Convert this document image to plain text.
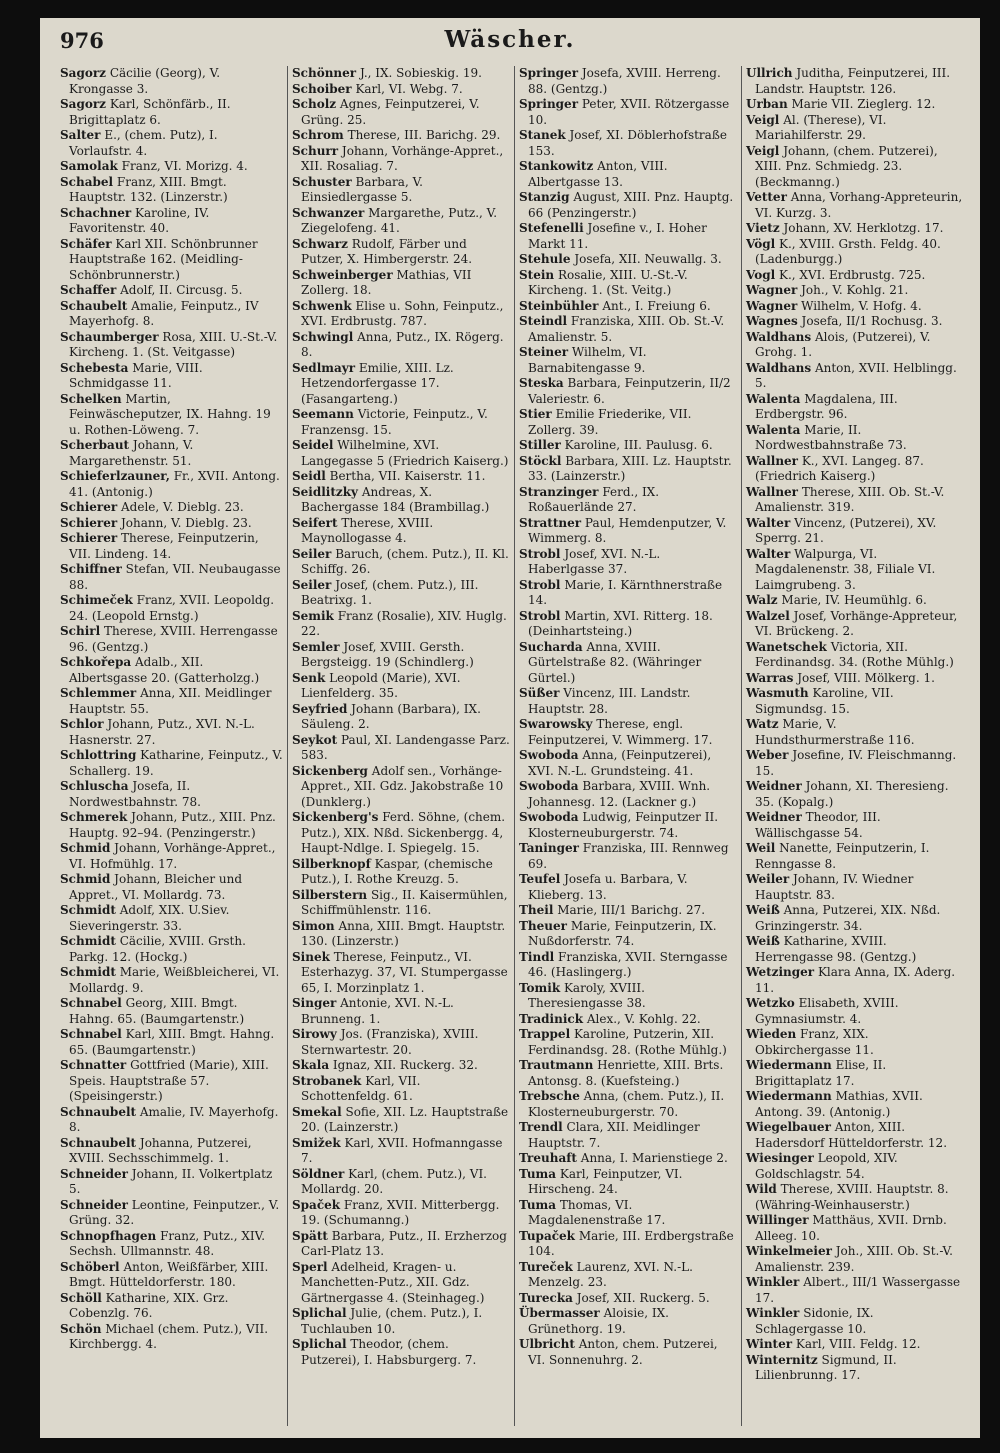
976	Wäscher.
Sagorz Cäcilie (Georg), V. Krongasse 3.
Sagorz Karl, Schönfärb., II. Brigittaplatz 6.
Salter E., (chem. Putz), I. Vorlaufstr. 4.
Samolak Franz, VI. Morizg. 4.
Schabel Franz, XIII. Bmgt. Hauptstr. 132. (Linzerstr.)
Schachner Karoline, IV. Favoritenstr. 40.
Schäfer Karl XII. Schönbrunner Hauptstraße 162. (Meidling-Schönbrunnerstr.)
Schaffer Adolf, II. Circusg. 5.
Schaubelt Amalie, Feinputz., IV Mayerhofg. 8.
Schaumberger Rosa, XIII. U.-St.-V. Kircheng. 1. (St. Veitgasse)
Schebesta Marie, VIII. Schmidgasse 11.
Schelken Martin, Feinwäscheputzer, IX. Hahng. 19 u. Rothen-Löweng. 7.
Scherbaut Johann, V. Margarethenstr. 51.
Schieferlzauner, Fr., XVII. Antong. 41. (Antonig.)
Schierer Adele, V. Dieblg. 23.
Schierer Johann, V. Dieblg. 23.
Schierer Therese, Feinputzerin, VII. Lindeng. 14.
Schiffner Stefan, VII. Neubaugasse 88.
Schimeček Franz, XVII. Leopoldg. 24. (Leopold Ernstg.)
Schirl Therese, XVIII. Herrengasse 96. (Gentzg.)
Schkořepa Adalb., XII. Albertsgasse 20. (Gatterholzg.)
Schlemmer Anna, XII. Meidlinger Hauptstr. 55.
Schlor Johann, Putz., XVI. N.-L. Hasnerstr. 27.
Schlottring Katharine, Feinputz., V. Schallerg. 19.
Schluscha Josefa, II. Nordwestbahnstr. 78.
Schmerek Johann, Putz., XIII. Pnz. Hauptg. 92–94. (Penzingerstr.)
Schmid Johann, Vorhänge-Appret., VI. Hofmühlg. 17.
Schmid Johann, Bleicher und Appret., VI. Mollardg. 73.
Schmidt Adolf, XIX. U.Siev. Sieveringerstr. 33.
Schmidt Cäcilie, XVIII. Grsth. Parkg. 12. (Hockg.)
Schmidt Marie, Weißbleicherei, VI. Mollardg. 9.
Schnabel Georg, XIII. Bmgt. Hahng. 65. (Baumgartenstr.)
Schnabel Karl, XIII. Bmgt. Hahng. 65. (Baumgartenstr.)
Schnatter Gottfried (Marie), XIII. Speis. Hauptstraße 57. (Speisingerstr.)
Schnaubelt Amalie, IV. Mayerhofg. 8.
Schnaubelt Johanna, Putzerei, XVIII. Sechsschimmelg. 1.
Schneider Johann, II. Volkertplatz 5.
Schneider Leontine, Feinputzer., V. Grüng. 32.
Schnopfhagen Franz, Putz., XIV. Sechsh. Ullmannstr. 48.
Schöberl Anton, Weißfärber, XIII. Bmgt. Hütteldorferstr. 180.
Schöll Katharine, XIX. Grz. Cobenzlg. 76.
Schön Michael (chem. Putz.), VII. Kirchbergg. 4.
Schönner J., IX. Sobieskig. 19.
Schoiber Karl, VI. Webg. 7.
Scholz Agnes, Feinputzerei, V. Grüng. 25.
Schrom Therese, III. Barichg. 29.
Schurr Johann, Vorhänge-Appret., XII. Rosaliag. 7.
Schuster Barbara, V. Einsiedlergasse 5.
Schwanzer Margarethe, Putz., V. Ziegelofeng. 41.
Schwarz Rudolf, Färber und Putzer, X. Himbergerstr. 24.
Schweinberger Mathias, VII Zollerg. 18.
Schwenk Elise u. Sohn, Feinputz., XVI. Erdbrustg. 787.
Schwingl Anna, Putz., IX. Rögerg. 8.
Sedlmayr Emilie, XIII. Lz. Hetzendorfergasse 17. (Fasangarteng.)
Seemann Victorie, Feinputz., V. Franzensg. 15.
Seidel Wilhelmine, XVI. Langegasse 5 (Friedrich Kaiserg.)
Seidl Bertha, VII. Kaiserstr. 11.
Seidlitzky Andreas, X. Bachergasse 184 (Brambillag.)
Seifert Therese, XVIII. Maynollogasse 4.
Seiler Baruch, (chem. Putz.), II. Kl. Schiffg. 26.
Seiler Josef, (chem. Putz.), III. Beatrixg. 1.
Semik Franz (Rosalie), XIV. Huglg. 22.
Semler Josef, XVIII. Gersth. Bergsteigg. 19 (Schindlerg.)
Senk Leopold (Marie), XVI. Lienfelderg. 35.
Seyfried Johann (Barbara), IX. Säuleng. 2.
Seykot Paul, XI. Landengasse Parz. 583.
Sickenberg Adolf sen., Vorhänge-Appret., XII. Gdz. Jakobstraße 10 (Dunklerg.)
Sickenberg's Ferd. Söhne, (chem. Putz.), XIX. Nßd. Sickenbergg. 4, Haupt-Ndlge. I. Spiegelg. 15.
Silberknopf Kaspar, (chemische Putz.), I. Rothe Kreuzg. 5.
Silberstern Sig., II. Kaisermühlen, Schiffmühlenstr. 116.
Simon Anna, XIII. Bmgt. Hauptstr. 130. (Linzerstr.)
Sinek Therese, Feinputz., VI. Esterhazyg. 37, VI. Stumpergasse 65, I. Morzinplatz 1.
Singer Antonie, XVI. N.-L. Brunneng. 1.
Sirowy Jos. (Franziska), XVIII. Sternwartestr. 20.
Skala Ignaz, XII. Ruckerg. 32.
Strobanek Karl, VII. Schottenfeldg. 61.
Smekal Sofie, XII. Lz. Hauptstraße 20. (Lainzerstr.)
Smižek Karl, XVII. Hofmanngasse 7.
Söldner Karl, (chem. Putz.), VI. Mollardg. 20.
Spaček Franz, XVII. Mitterbergg. 19. (Schumanng.)
Spätt Barbara, Putz., II. Erzherzog Carl-Platz 13.
Sperl Adelheid, Kragen- u. Manchetten-Putz., XII. Gdz. Gärtnergasse 4. (Steinhageg.)
Splichal Julie, (chem. Putz.), I. Tuchlauben 10.
Splichal Theodor, (chem. Putzerei), I. Habsburgerg. 7.
Springer Josefa, XVIII. Herreng. 88. (Gentzg.)
Springer Peter, XVII. Rötzergasse 10.
Stanek Josef, XI. Döblerhofstraße 153.
Stankowitz Anton, VIII. Albertgasse 13.
Stanzig August, XIII. Pnz. Hauptg. 66 (Penzingerstr.)
Stefenelli Josefine v., I. Hoher Markt 11.
Stehule Josefa, XII. Neuwallg. 3.
Stein Rosalie, XIII. U.-St.-V. Kircheng. 1. (St. Veitg.)
Steinbühler Ant., I. Freiung 6.
Steindl Franziska, XIII. Ob. St.-V. Amalienstr. 5.
Steiner Wilhelm, VI. Barnabitengasse 9.
Steska Barbara, Feinputzerin, II/2 Valeriestr. 6.
Stier Emilie Friederike, VII. Zollerg. 39.
Stiller Karoline, III. Paulusg. 6.
Stöckl Barbara, XIII. Lz. Hauptstr. 33. (Lainzerstr.)
Stranzinger Ferd., IX. Roßauerlände 27.
Strattner Paul, Hemdenputzer, V. Wimmerg. 8.
Strobl Josef, XVI. N.-L. Haberlgasse 37.
Strobl Marie, I. Kärnthnerstraße 14.
Strobl Martin, XVI. Ritterg. 18. (Deinhartsteing.)
Sucharda Anna, XVIII. Gürtelstraße 82. (Währinger Gürtel.)
Süßer Vincenz, III. Landstr. Hauptstr. 28.
Swarowsky Therese, engl. Feinputzerei, V. Wimmerg. 17.
Swoboda Anna, (Feinputzerei), XVI. N.-L. Grundsteing. 41.
Swoboda Barbara, XVIII. Wnh. Johannesg. 12. (Lackner g.)
Swoboda Ludwig, Feinputzer II. Klosterneuburgerstr. 74.
Taninger Franziska, III. Rennweg 69.
Teufel Josefa u. Barbara, V. Klieberg. 13.
Theil Marie, III/1 Barichg. 27.
Theuer Marie, Feinputzerin, IX. Nußdorferstr. 74.
Tindl Franziska, XVII. Sterngasse 46. (Haslingerg.)
Tomik Karoly, XVIII. Theresiengasse 38.
Tradinick Alex., V. Kohlg. 22.
Trappel Karoline, Putzerin, XII. Ferdinandsg. 28. (Rothe Mühlg.)
Trautmann Henriette, XIII. Brts. Antonsg. 8. (Kuefsteing.)
Trebsche Anna, (chem. Putz.), II. Klosterneuburgerstr. 70.
Trendl Clara, XII. Meidlinger Hauptstr. 7.
Treuhaft Anna, I. Marienstiege 2.
Tuma Karl, Feinputzer, VI. Hirscheng. 24.
Tuma Thomas, VI. Magdalenenstraße 17.
Tupaček Marie, III. Erdbergstraße 104.
Tureček Laurenz, XVI. N.-L. Menzelg. 23.
Turecka Josef, XII. Ruckerg. 5.
Übermasser Aloisie, IX. Grünethorg. 19.
Ulbricht Anton, chem. Putzerei, VI. Sonnenuhrg. 2.
Ullrich Juditha, Feinputzerei, III. Landstr. Hauptstr. 126.
Urban Marie VII. Zieglerg. 12.
Veigl Al. (Therese), VI. Mariahilferstr. 29.
Veigl Johann, (chem. Putzerei), XIII. Pnz. Schmiedg. 23. (Beckmanng.)
Vetter Anna, Vorhang-Appreteurin, VI. Kurzg. 3.
Vietz Johann, XV. Herklotzg. 17.
Vögl K., XVIII. Grsth. Feldg. 40. (Ladenburgg.)
Vogl K., XVI. Erdbrustg. 725.
Wagner Joh., V. Kohlg. 21.
Wagner Wilhelm, V. Hofg. 4.
Wagnes Josefa, II/1 Rochusg. 3.
Waldhans Alois, (Putzerei), V. Grohg. 1.
Waldhans Anton, XVII. Helblingg. 5.
Walenta Magdalena, III. Erdbergstr. 96.
Walenta Marie, II. Nordwestbahnstraße 73.
Wallner K., XVI. Langeg. 87. (Friedrich Kaiserg.)
Wallner Therese, XIII. Ob. St.-V. Amalienstr. 319.
Walter Vincenz, (Putzerei), XV. Sperrg. 21.
Walter Walpurga, VI. Magdalenenstr. 38, Filiale VI. Laimgrubeng. 3.
Walz Marie, IV. Heumühlg. 6.
Walzel Josef, Vorhänge-Appreteur, VI. Brückeng. 2.
Wanetschek Victoria, XII. Ferdinandsg. 34. (Rothe Mühlg.)
Warras Josef, VIII. Mölkerg. 1.
Wasmuth Karoline, VII. Sigmundsg. 15.
Watz Marie, V. Hundsthurmerstraße 116.
Weber Josefine, IV. Fleischmanng. 15.
Weidner Johann, XI. Theresieng. 35. (Kopalg.)
Weidner Theodor, III. Wällischgasse 54.
Weil Nanette, Feinputzerin, I. Renngasse 8.
Weiler Johann, IV. Wiedner Hauptstr. 83.
Weiß Anna, Putzerei, XIX. Nßd. Grinzingerstr. 34.
Weiß Katharine, XVIII. Herrengasse 98. (Gentzg.)
Wetzinger Klara Anna, IX. Aderg. 11.
Wetzko Elisabeth, XVIII. Gymnasiumstr. 4.
Wieden Franz, XIX. Obkirchergasse 11.
Wiedermann Elise, II. Brigittaplatz 17.
Wiedermann Mathias, XVII. Antong. 39. (Antonig.)
Wiegelbauer Anton, XIII. Hadersdorf Hütteldorferstr. 12.
Wiesinger Leopold, XIV. Goldschlagstr. 54.
Wild Therese, XVIII. Hauptstr. 8. (Währing-Weinhauserstr.)
Willinger Matthäus, XVII. Drnb. Alleeg. 10.
Winkelmeier Joh., XIII. Ob. St.-V. Amalienstr. 239.
Winkler Albert., III/1 Wassergasse 17.
Winkler Sidonie, IX. Schlagergasse 10.
Winter Karl, VIII. Feldg. 12.
Winternitz Sigmund, II. Lilienbrunng. 17.
